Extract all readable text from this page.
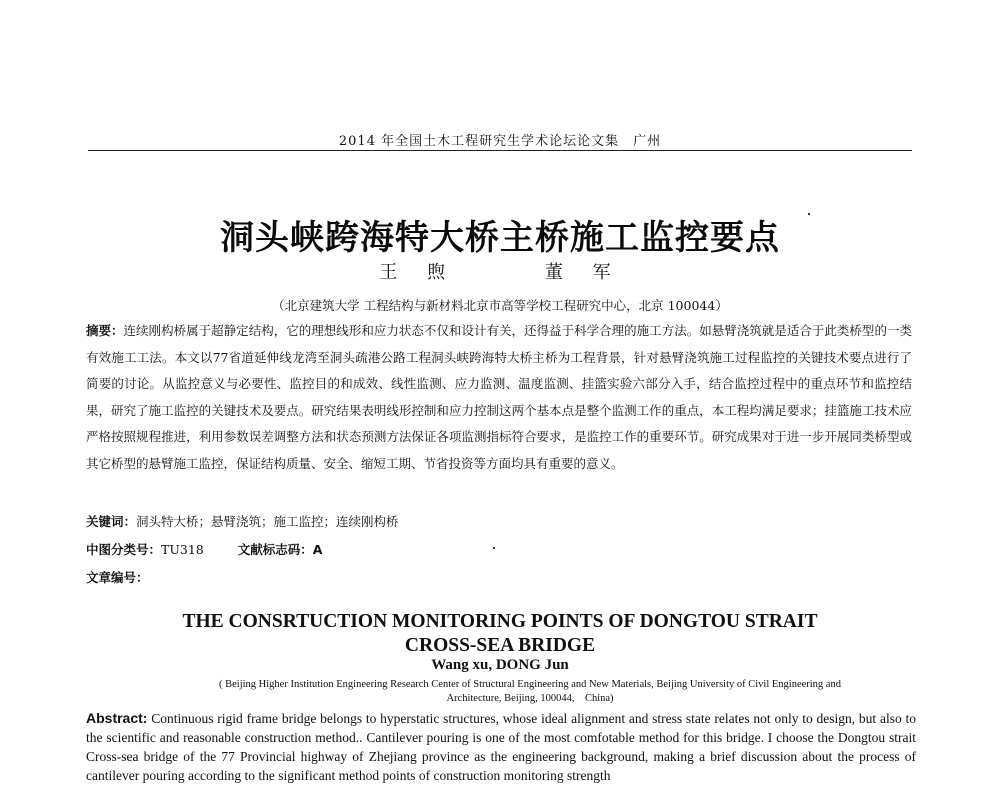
2014 年全国土木工程研究生学术论坛论文集　广州
洞头峡跨海特大桥主桥施工监控要点
王 煦	董 军
（北京建筑大学 工程结构与新材料北京市高等学校工程研究中心，北京 100044）
摘要：连续刚构桥属于超静定结构，它的理想线形和应力状态不仅和设计有关，还得益于科学合理的施工方法。如悬臂浇筑就是适合于此类桥型的一类有效施工工法。本文以77省道延伸线龙湾至洞头疏港公路工程洞头峡跨海特大桥主桥为工程背景，针对悬臂浇筑施工过程监控的关键技术要点进行了简要的讨论。从监控意义与必要性、监控目的和成效、线性监测、应力监测、温度监测、挂篮实验六部分入手，结合监控过程中的重点环节和监控结果，研究了施工监控的关键技术及要点。研究结果表明线形控制和应力控制这两个基本点是整个监测工作的重点，本工程均满足要求；挂篮施工技术应严格按照规程推进，利用参数误差调整方法和状态预测方法保证各项监测指标符合要求，是监控工作的重要环节。研究成果对于进一步开展同类桥型或其它桥型的悬臂施工监控，保证结构质量、安全、缩短工期、节省投资等方面均具有重要的意义。
关键词：洞头特大桥；悬臂浇筑；施工监控；连续刚构桥
中图分类号：TU318	文献标志码：A
文章编号：
THE CONSRTUCTION MONITORING POINTS OF DONGTOU STRAIT
CROSS-SEA BRIDGE
Wang xu, DONG Jun
( Beijing Higher Institution Engineering Research Center of Structural Engineering and New Materials, Beijing University of Civil Engineering and
Architecture, Beijing, 100044,　China)
Abstract: Continuous rigid frame bridge belongs to hyperstatic structures, whose ideal alignment and stress state relates not only to design, but also to the scientific and reasonable construction method.. Cantilever pouring is one of the most comfotable method for this bridge. I choose the Dongtou strait Cross-sea bridge of the 77 Provincial highway of Zhejiang province as the engineering background, making a brief discussion about the process of cantilever pouring according to the significant method points of construction monitoring strength
